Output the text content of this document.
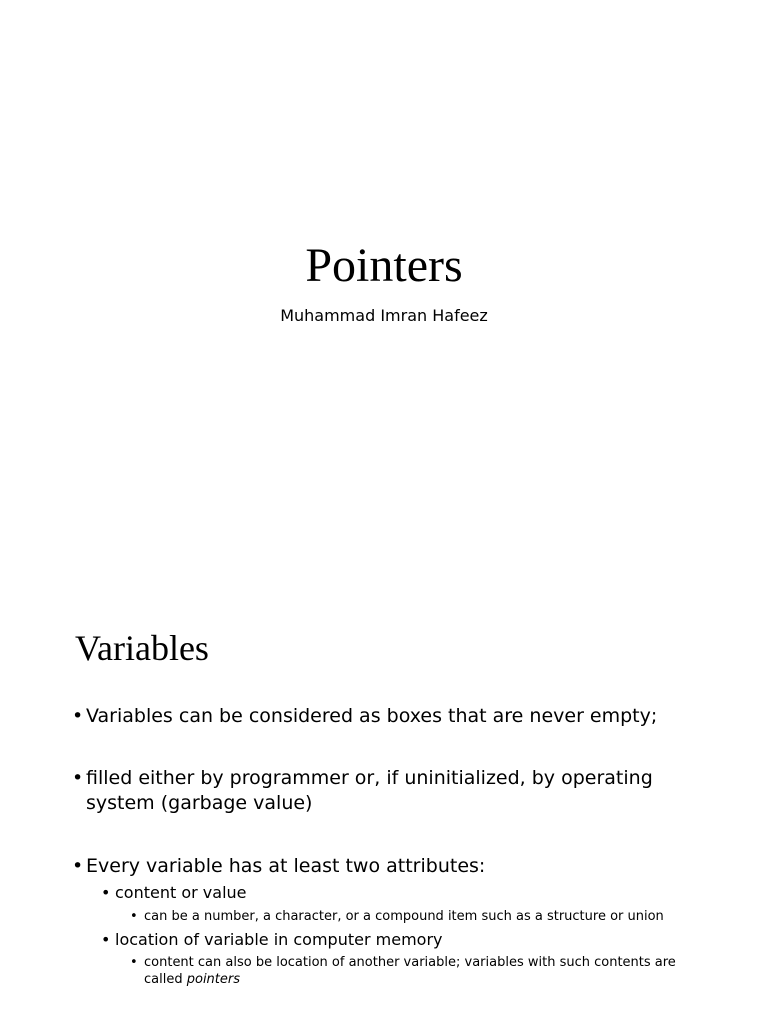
Pointers
Muhammad Imran Hafeez
Variables
• Variables can be considered as boxes that are never empty;
• filled either by programmer or, if uninitialized, by operating system (garbage value)
• Every variable has at least two attributes:
• content or value
• can be a number, a character, or a compound item such as a structure or union
• location of variable in computer memory
• content can also be location of another variable; variables with such contents are called pointers
